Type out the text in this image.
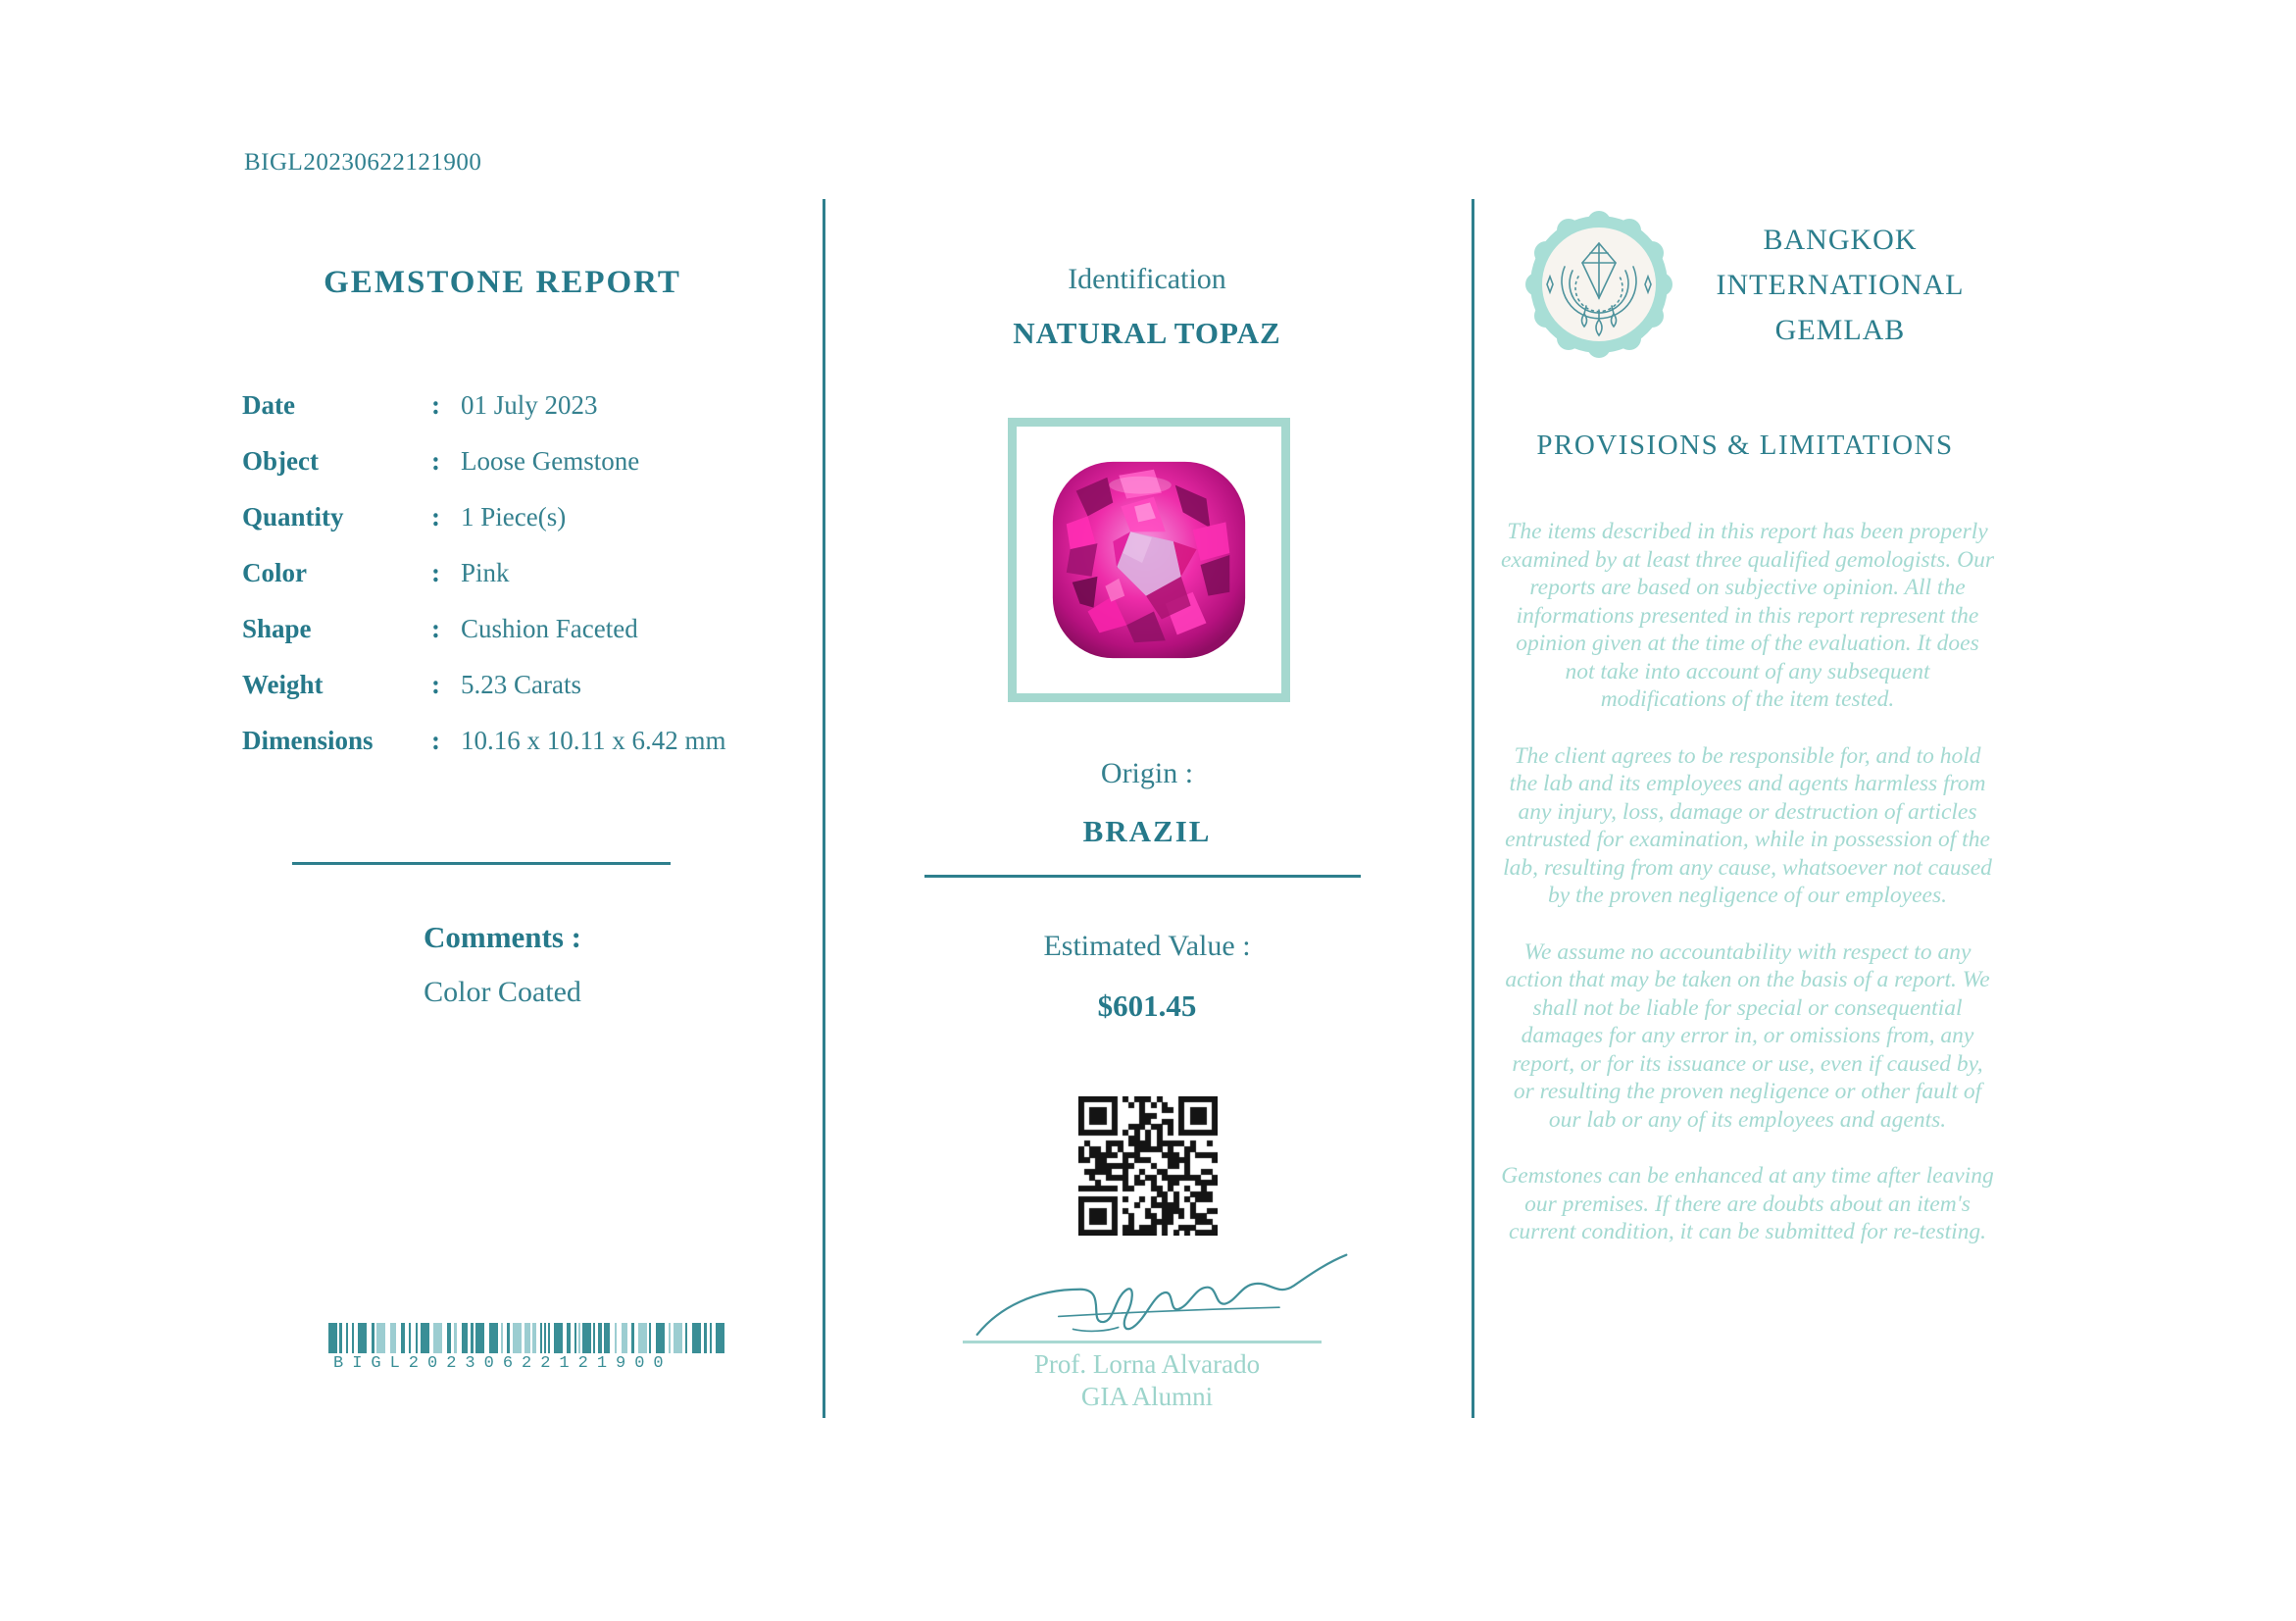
BIGL20230622121900
GEMSTONE REPORT
Date	:	01 July 2023
Object	:	Loose Gemstone
Quantity	:	1 Piece(s)
Color	:	Pink
Shape	:	Cushion Faceted
Weight	:	5.23 Carats
Dimensions	:	10.16 x 10.11 x 6.42 mm
Comments :
Color Coated
BIGL20230622121900
Identification
NATURAL TOPAZ
Origin :
BRAZIL
Estimated Value :
$601.45
Prof. Lorna Alvarado
GIA Alumni
BANGKOK
INTERNATIONAL
GEMLAB
PROVISIONS & LIMITATIONS

The items described in this report has been properly examined by at least three qualified gemologists. Our reports are based on subjective opinion. All the informations presented in this report represent the opinion given at the time of the evaluation. It does not take into account of any subsequent modifications of the item tested.

The client agrees to be responsible for, and to hold the lab and its employees and agents harmless from any injury, loss, damage or destruction of articles entrusted for examination, while in possession of the lab, resulting from any cause, whatsoever not caused by the proven negligence of our employees.

We assume no accountability with respect to any action that may be taken on the basis of a report. We shall not be liable for special or consequential damages for any error in, or omissions from, any report, or for its issuance or use, even if caused by, or resulting the proven negligence or other fault of our lab or any of its employees and agents.

Gemstones can be enhanced at any time after leaving our premises. If there are doubts about an item's current condition, it can be submitted for re-testing.
